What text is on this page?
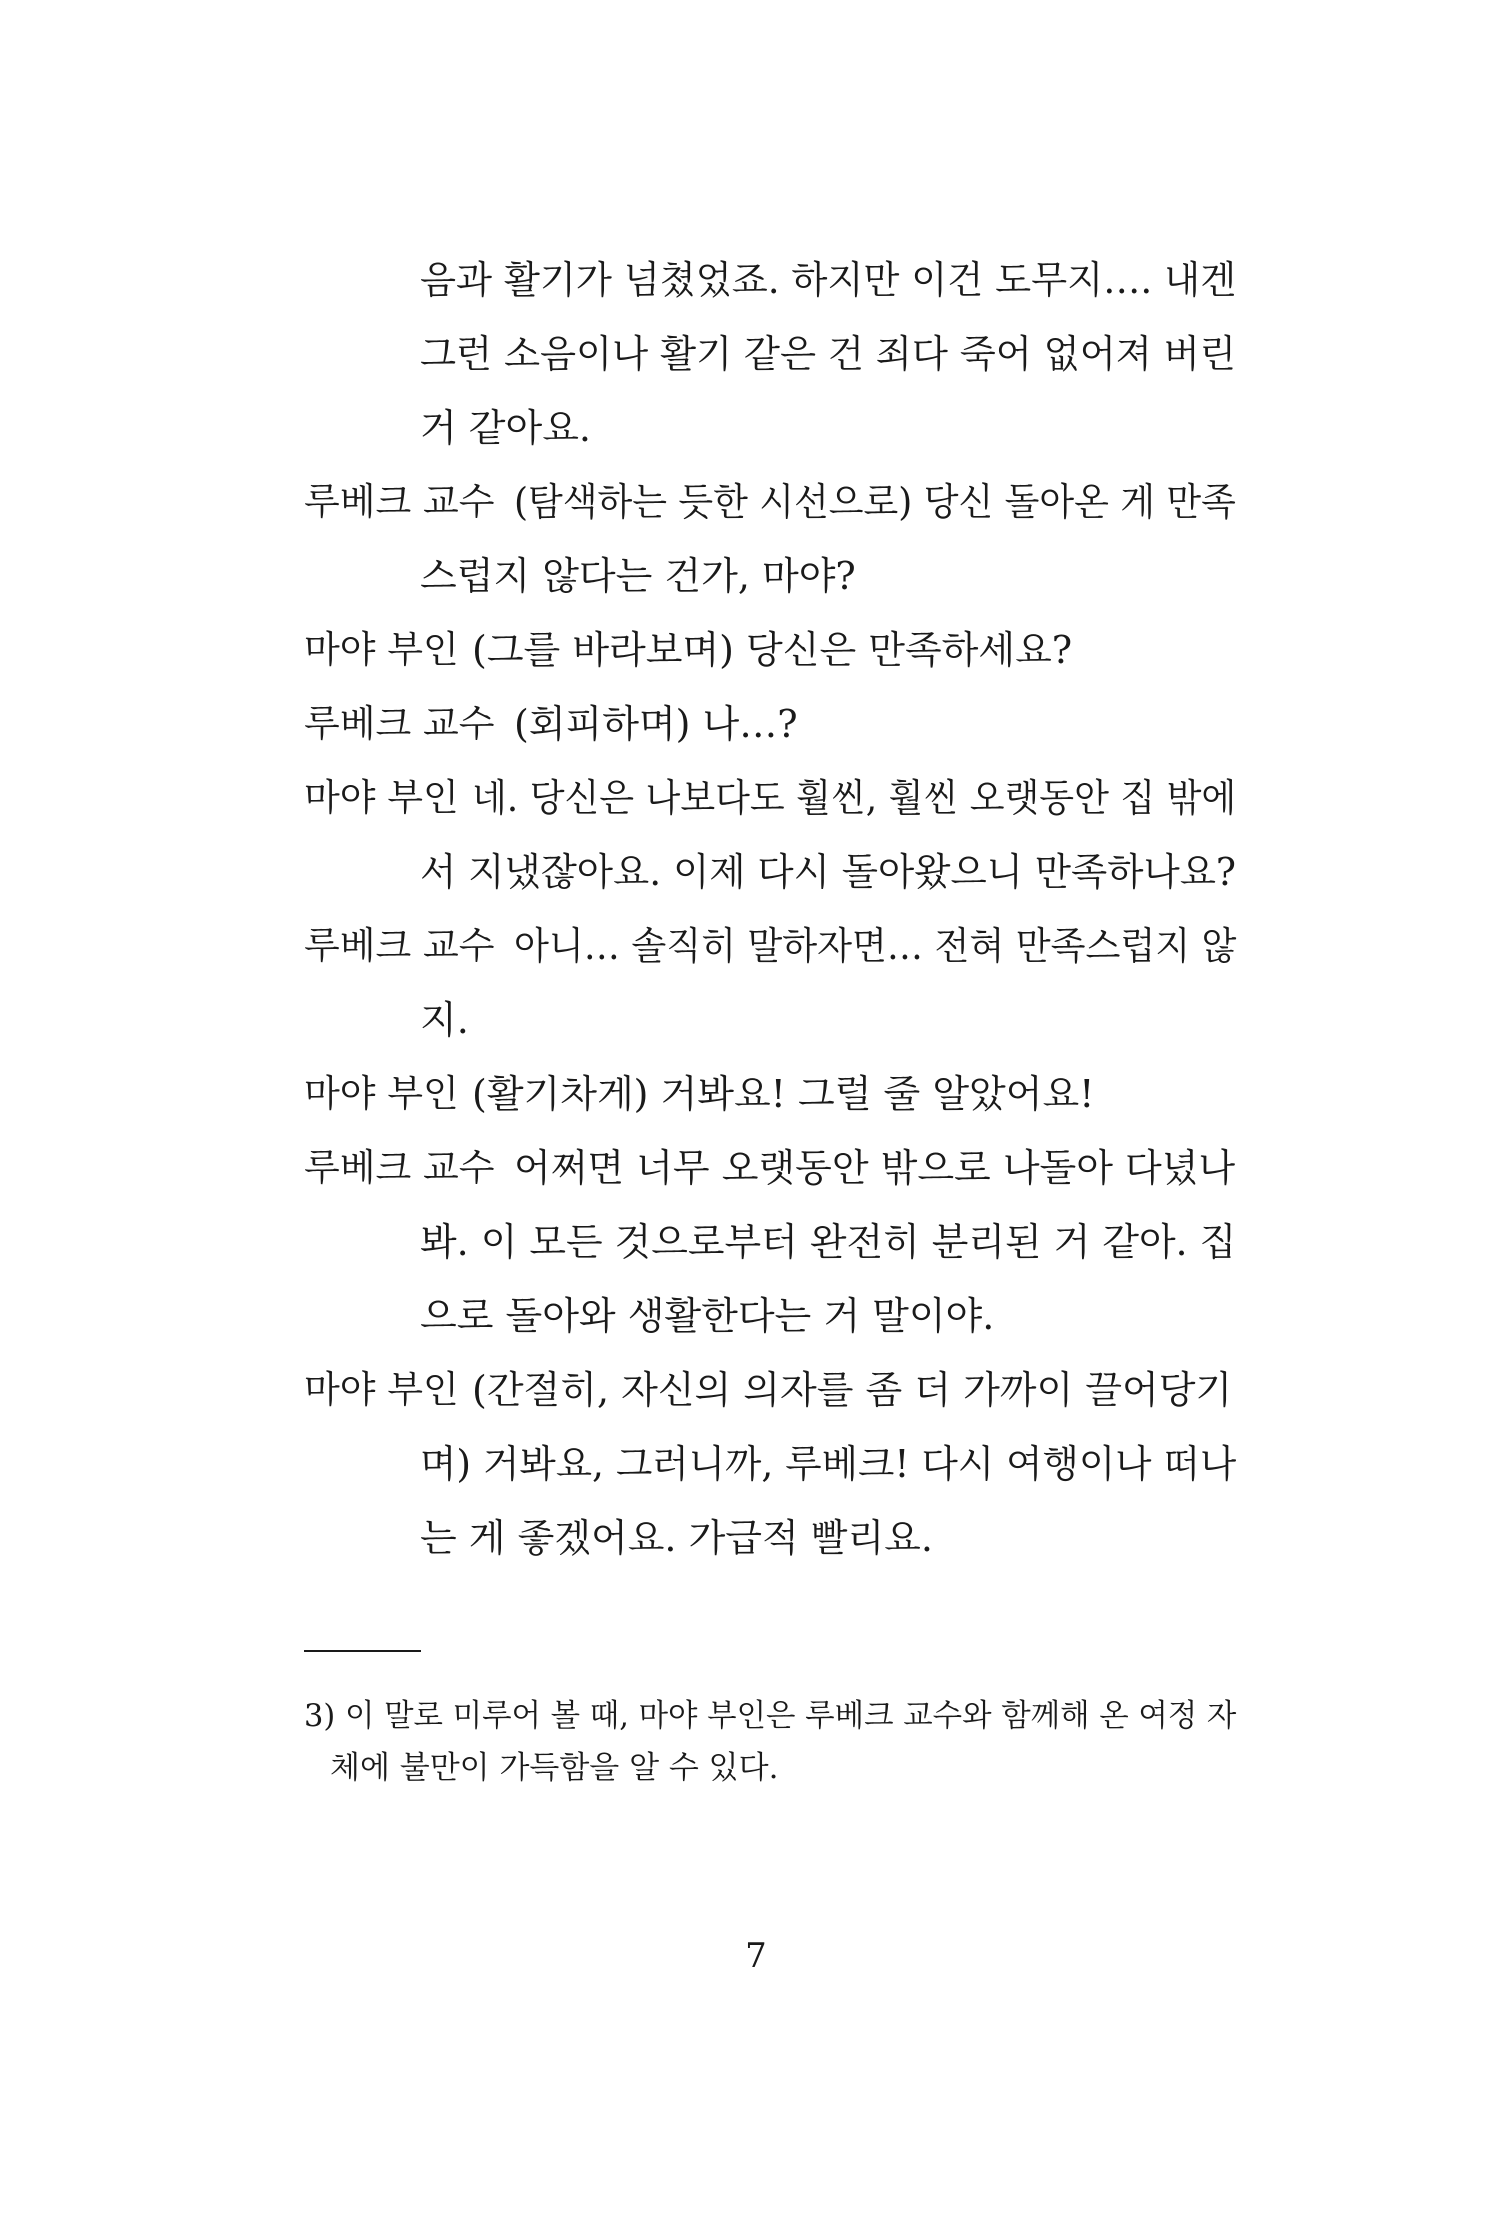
음과 활기가 넘쳤었죠. 하지만 이건 도무지…. 내겐
그런 소음이나 활기 같은 건 죄다 죽어 없어져 버린
거 같아요.
루베크 교수 (탐색하는 듯한 시선으로) 당신 돌아온 게 만족
스럽지 않다는 건가, 마야?
마야 부인 (그를 바라보며) 당신은 만족하세요?
루베크 교수 (회피하며) 나…?
마야 부인 네. 당신은 나보다도 훨씬, 훨씬 오랫동안 집 밖에
서 지냈잖아요. 이제 다시 돌아왔으니 만족하나요?
루베크 교수 아니… 솔직히 말하자면… 전혀 만족스럽지 않
지.
마야 부인 (활기차게) 거봐요! 그럴 줄 알았어요!
루베크 교수 어쩌면 너무 오랫동안 밖으로 나돌아 다녔나
봐. 이 모든 것으로부터 완전히 분리된 거 같아. 집
으로 돌아와 생활한다는 거 말이야.
마야 부인 (간절히, 자신의 의자를 좀 더 가까이 끌어당기
며) 거봐요, 그러니까, 루베크! 다시 여행이나 떠나
는 게 좋겠어요. 가급적 빨리요.
3) 이 말로 미루어 볼 때, 마야 부인은 루베크 교수와 함께해 온 여정 자
체에 불만이 가득함을 알 수 있다.
7
